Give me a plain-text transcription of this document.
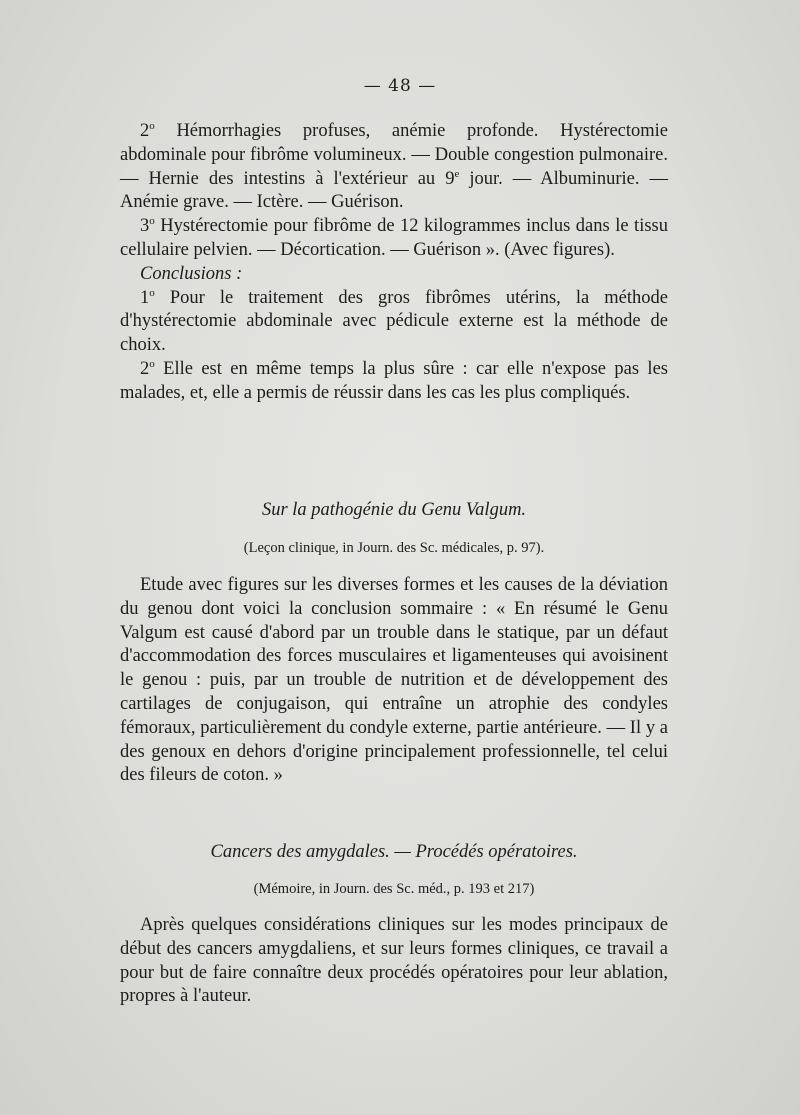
— 48 —

2$^o$ Hémorrhagies profuses, anémie profonde. Hystérectomie abdominale pour fibrôme volumineux. — Double congestion pulmonaire. — Hernie des intestins à l'extérieur au 9e jour. — Albuminurie. — Anémie grave. — Ictère. — Guérison.

3$^o$ Hystérectomie pour fibrôme de 12 kilogrammes inclus dans le tissu cellulaire pelvien. — Décortication. — Guérison ». (Avec figures).

Conclusions :

1$^o$ Pour le traitement des gros fibrômes utérins, la méthode d'hystérectomie abdominale avec pédicule externe est la méthode de choix.

2$^o$ Elle est en même temps la plus sûre : car elle n'expose pas les malades, et, elle a permis de réussir dans les cas les plus compliqués.

Sur la pathogénie du Genu Valgum.
(Leçon clinique, in Journ. des Sc. médicales, p. 97).

Etude avec figures sur les diverses formes et les causes de la déviation du genou dont voici la conclusion sommaire : « En résumé le Genu Valgum est causé d'abord par un trouble dans le statique, par un défaut d'accommodation des forces musculaires et ligamenteuses qui avoisinent le genou : puis, par un trouble de nutrition et de développement des cartilages de conjugaison, qui entraîne un atrophie des condyles fémoraux, particulièrement du condyle externe, partie antérieure. — Il y a des genoux en dehors d'origine principalement professionnelle, tel celui des fileurs de coton. »

Cancers des amygdales. — Procédés opératoires.
(Mémoire, in Journ. des Sc. méd., p. 193 et 217)

Après quelques considérations cliniques sur les modes principaux de début des cancers amygdaliens, et sur leurs formes cliniques, ce travail a pour but de faire connaître deux procédés opératoires pour leur ablation, propres à l'auteur.
